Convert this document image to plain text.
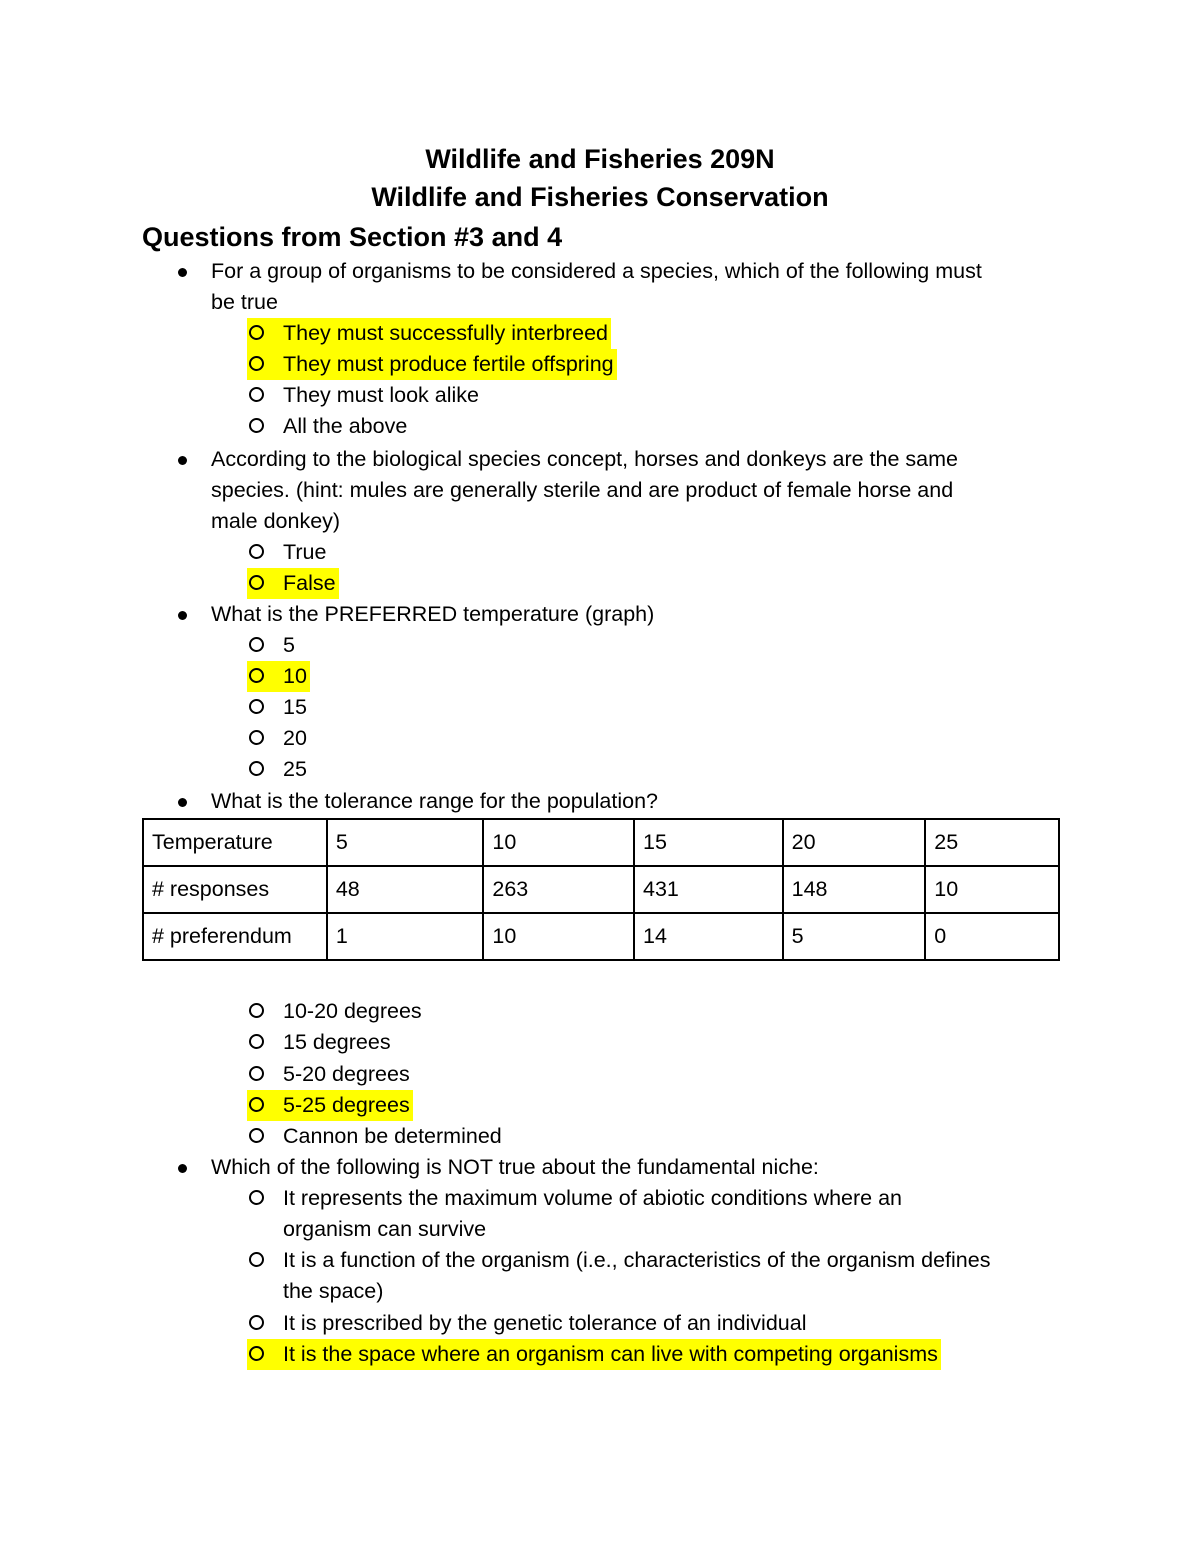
Wildlife and Fisheries 209N
Wildlife and Fisheries Conservation
Questions from Section #3 and 4
For a group of organisms to be considered a species, which of the following must
be true
They must successfully interbreed
They must produce fertile offspring
They must look alike
All the above
According to the biological species concept, horses and donkeys are the same
species. (hint: mules are generally sterile and are product of female horse and
male donkey)
True
False
What is the PREFERRED temperature (graph)
5
10
15
20
25
What is the tolerance range for the population?
Temperature	5	10	15	20	25
# responses	48	263	431	148	10
# preferendum	1	10	14	5	0
10-20 degrees
15 degrees
5-20 degrees
5-25 degrees
Cannon be determined
Which of the following is NOT true about the fundamental niche:
It represents the maximum volume of abiotic conditions where an
organism can survive
It is a function of the organism (i.e., characteristics of the organism defines
the space)
It is prescribed by the genetic tolerance of an individual
It is the space where an organism can live with competing organisms
